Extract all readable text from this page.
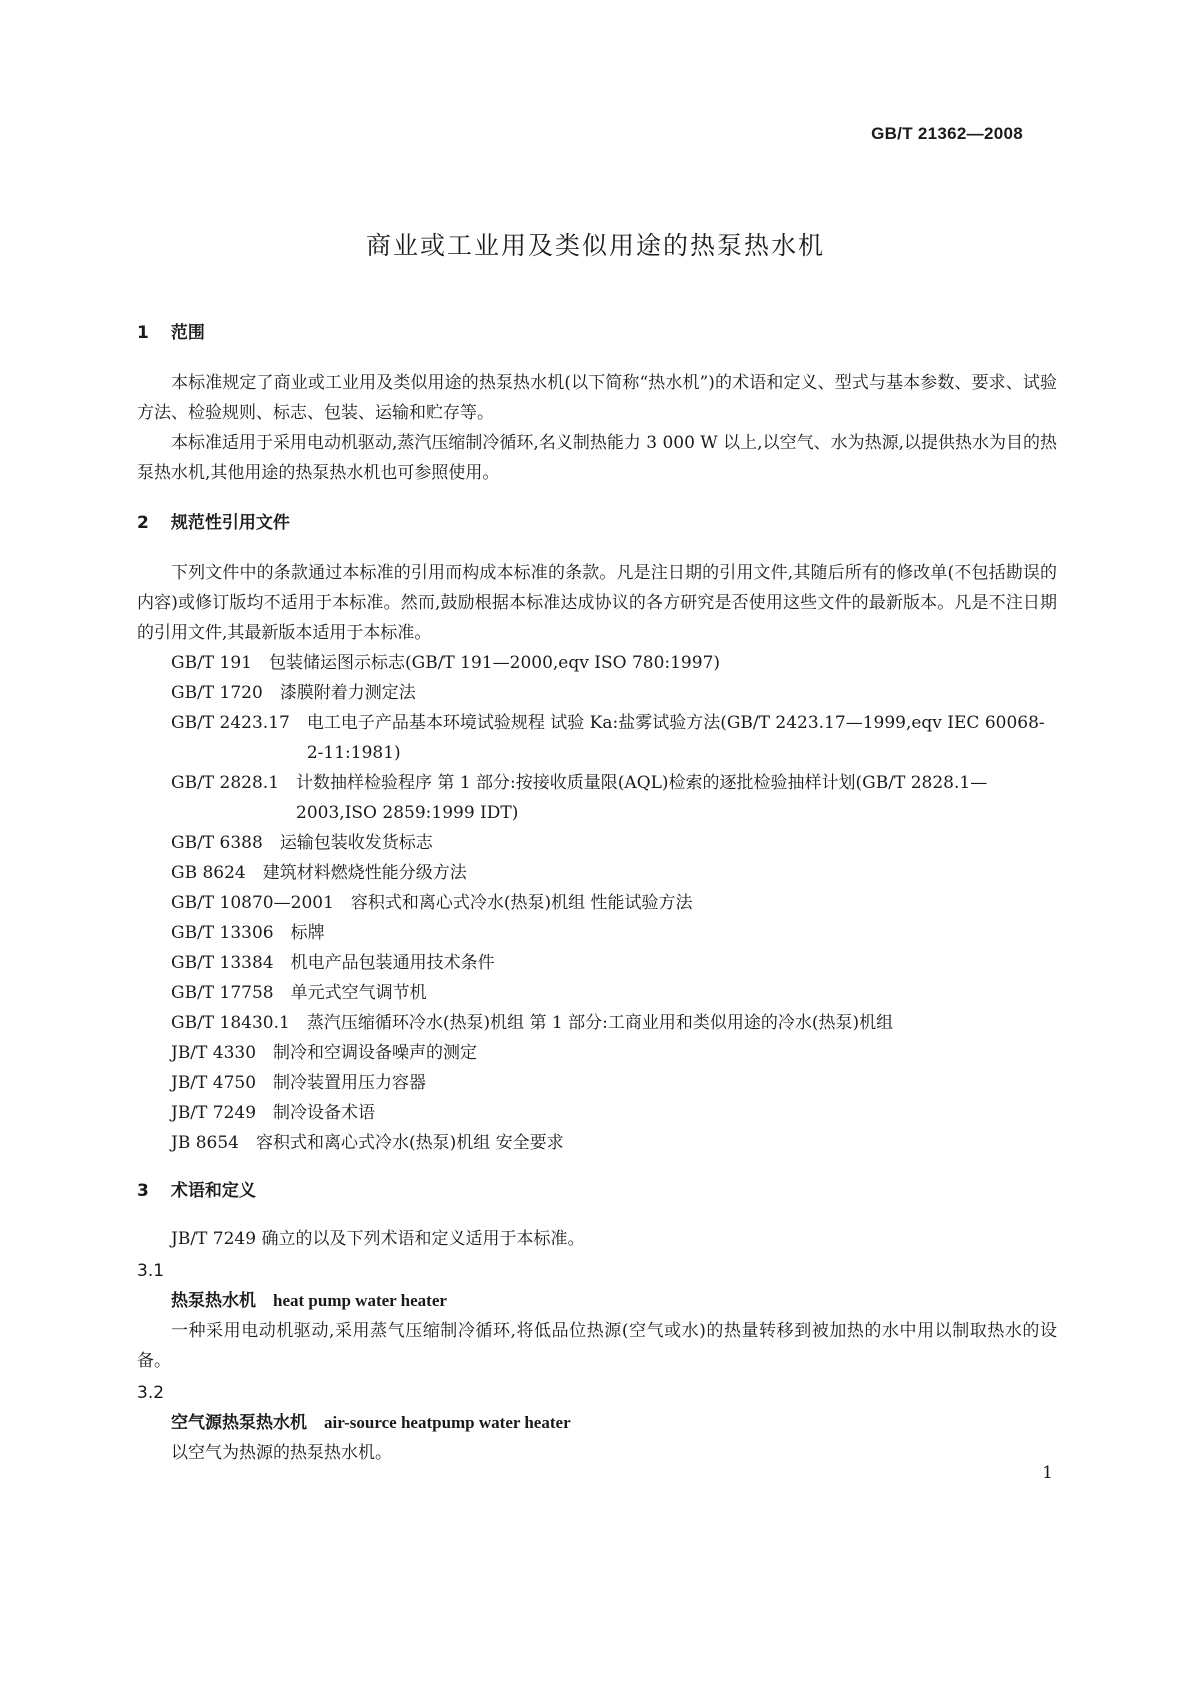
GB/T 21362—2008
商业或工业用及类似用途的热泵热水机
1 范围
本标准规定了商业或工业用及类似用途的热泵热水机(以下简称“热水机”)的术语和定义、型式与基本参数、要求、试验方法、检验规则、标志、包装、运输和贮存等。
本标准适用于采用电动机驱动,蒸汽压缩制冷循环,名义制热能力 3 000 W 以上,以空气、水为热源,以提供热水为目的热泵热水机,其他用途的热泵热水机也可参照使用。
2 规范性引用文件
下列文件中的条款通过本标准的引用而构成本标准的条款。凡是注日期的引用文件,其随后所有的修改单(不包括勘误的内容)或修订版均不适用于本标准。然而,鼓励根据本标准达成协议的各方研究是否使用这些文件的最新版本。凡是不注日期的引用文件,其最新版本适用于本标准。
GB/T 191 包装储运图示标志(GB/T 191—2000,eqv ISO 780:1997)
GB/T 1720 漆膜附着力测定法
GB/T 2423.17 电工电子产品基本环境试验规程 试验 Ka:盐雾试验方法(GB/T 2423.17—1999,eqv IEC 60068-2-11:1981)
GB/T 2828.1 计数抽样检验程序 第 1 部分:按接收质量限(AQL)检索的逐批检验抽样计划(GB/T 2828.1—2003,ISO 2859:1999 IDT)
GB/T 6388 运输包装收发货标志
GB 8624 建筑材料燃烧性能分级方法
GB/T 10870—2001 容积式和离心式冷水(热泵)机组 性能试验方法
GB/T 13306 标牌
GB/T 13384 机电产品包装通用技术条件
GB/T 17758 单元式空气调节机
GB/T 18430.1 蒸汽压缩循环冷水(热泵)机组 第 1 部分:工商业用和类似用途的冷水(热泵)机组
JB/T 4330 制冷和空调设备噪声的测定
JB/T 4750 制冷装置用压力容器
JB/T 7249 制冷设备术语
JB 8654 容积式和离心式冷水(热泵)机组 安全要求
3 术语和定义
JB/T 7249 确立的以及下列术语和定义适用于本标准。
3.1
热泵热水机 heat pump water heater
一种采用电动机驱动,采用蒸气压缩制冷循环,将低品位热源(空气或水)的热量转移到被加热的水中用以制取热水的设备。
3.2
空气源热泵热水机 air-source heatpump water heater
以空气为热源的热泵热水机。
1
